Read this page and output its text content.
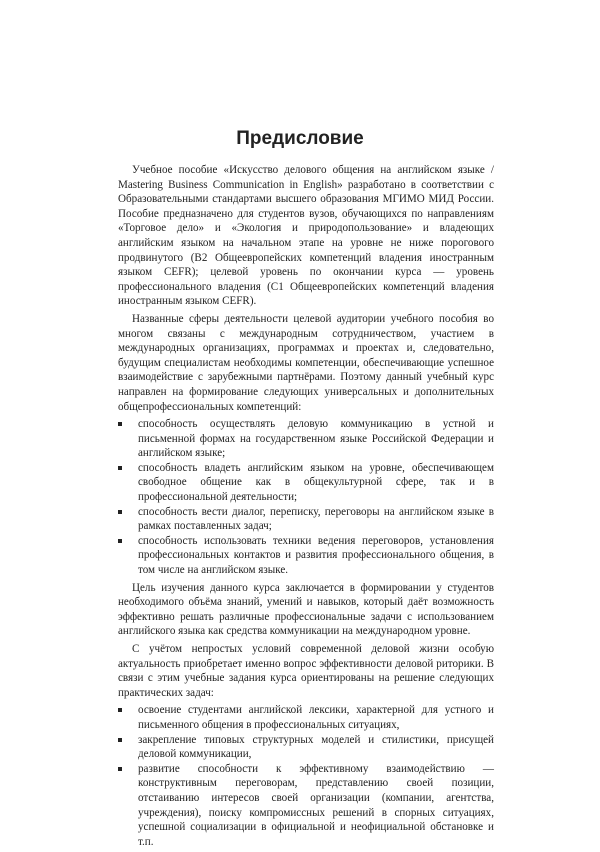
Предисловие

Учебное пособие «Искусство делового общения на английском языке / Mastering Business Communication in English» разработано в соответствии с Образовательными стандартами высшего образования МГИМО МИД России. Пособие предназначено для студентов вузов, обучающихся по направлениям «Торговое дело» и «Экология и природопользование» и владеющих английским языком на начальном этапе на уровне не ниже порогового продвинутого (B2 Общеевропейских компетенций владения иностранным языком CEFR); целевой уровень по окончании курса — уровень профессионального владения (C1 Общеевропейских компетенций владения иностранным языком CEFR).

Названные сферы деятельности целевой аудитории учебного пособия во многом связаны с международным сотрудничеством, участием в международных организациях, программах и проектах и, следовательно, будущим специалистам необходимы компетенции, обеспечивающие успешное взаимодействие с зарубежными партнёрами. Поэтому данный учебный курс направлен на формирование следующих универсальных и дополнительных общепрофессиональных компетенций:

способность осуществлять деловую коммуникацию в устной и письменной формах на государственном языке Российской Федерации и английском языке;
способность владеть английским языком на уровне, обеспечивающем свободное общение как в общекультурной сфере, так и в профессиональной деятельности;
способность вести диалог, переписку, переговоры на английском языке в рамках поставленных задач;
способность использовать техники ведения переговоров, установления профессиональных контактов и развития профессионального общения, в том числе на английском языке.

Цель изучения данного курса заключается в формировании у студентов необходимого объёма знаний, умений и навыков, который даёт возможность эффективно решать различные профессиональные задачи с использованием английского языка как средства коммуникации на международном уровне.

С учётом непростых условий современной деловой жизни особую актуальность приобретает именно вопрос эффективности деловой риторики. В связи с этим учебные задания курса ориентированы на решение следующих практических задач:

освоение студентами английской лексики, характерной для устного и письменного общения в профессиональных ситуациях,
закрепление типовых структурных моделей и стилистики, присущей деловой коммуникации,
развитие способности к эффективному взаимодействию — конструктивным переговорам, представлению своей позиции, отстаиванию интересов своей организации (компании, агентства, учреждения), поиску компромиссных решений в спорных ситуациях, успешной социализации в официальной и неофициальной обстановке и т.п.
